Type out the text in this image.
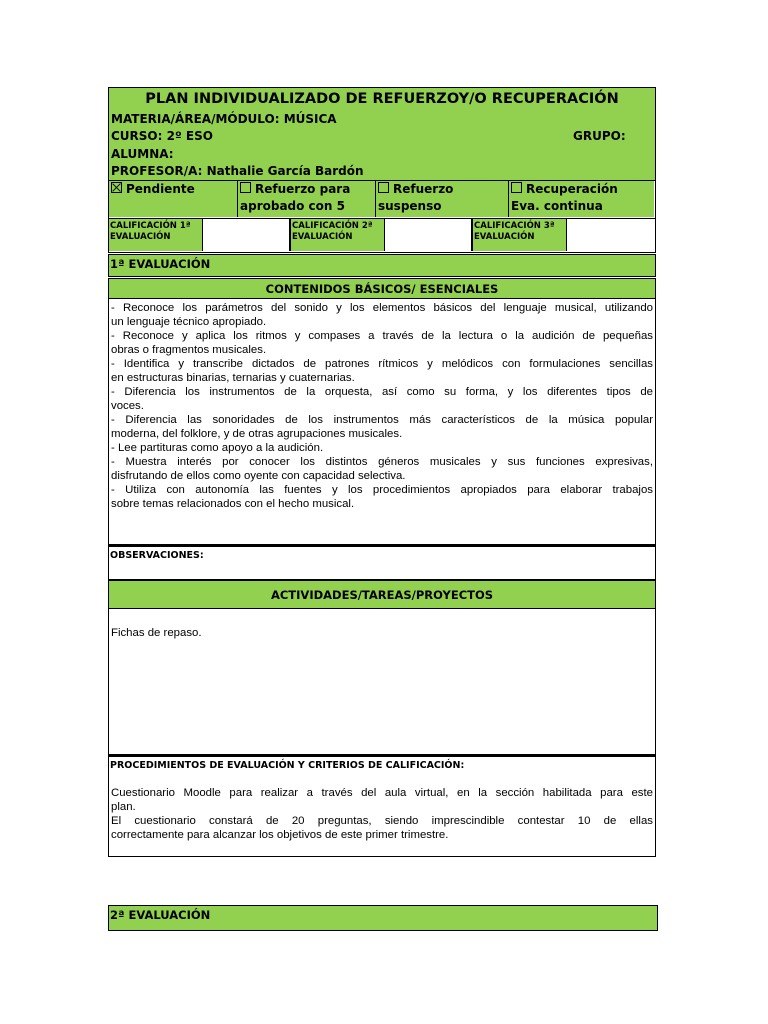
PLAN INDIVIDUALIZADO DE REFUERZOY/O RECUPERACIÓN
MATERIA/ÁREA/MÓDULO: MÚSICA
CURSO: 2º ESO	GRUPO:
ALUMNA:
PROFESOR/A: Nathalie García Bardón
Pendiente	Refuerzo para
aprobado con 5
Refuerzo
suspenso
Recuperación
Eva. continua
CALIFICACIÓN 1ª
EVALUACIÓN
CALIFICACIÓN 2ª
EVALUACIÓN
CALIFICACIÓN 3ª
EVALUACIÓN
1ª EVALUACIÓN
CONTENIDOS BÁSICOS/ ESENCIALES
- Reconoce los parámetros del sonido y los elementos básicos del lenguaje musical, utilizando
un lenguaje técnico apropiado.
- Reconoce y aplica los ritmos y compases a través de la lectura o la audición de pequeñas
obras o fragmentos musicales.
- Identifica y transcribe dictados de patrones rítmicos y melódicos con formulaciones sencillas
en estructuras binarias, ternarias y cuaternarias.
- Diferencia los instrumentos de la orquesta, así como su forma, y los diferentes tipos de
voces.
- Diferencia las sonoridades de los instrumentos más característicos de la música popular
moderna, del folklore, y de otras agrupaciones musicales.
- Lee partituras como apoyo a la audición.
- Muestra interés por conocer los distintos géneros musicales y sus funciones expresivas,
disfrutando de ellos como oyente con capacidad selectiva.
- Utiliza con autonomía las fuentes y los procedimientos apropiados para elaborar trabajos
sobre temas relacionados con el hecho musical.
OBSERVACIONES:
ACTIVIDADES/TAREAS/PROYECTOS
Fichas de repaso.
PROCEDIMIENTOS DE EVALUACIÓN Y CRITERIOS DE CALIFICACIÓN:
Cuestionario Moodle para realizar a través del aula virtual, en la sección habilitada para este
plan.
El cuestionario constará de 20 preguntas, siendo imprescindible contestar 10 de ellas
correctamente para alcanzar los objetivos de este primer trimestre.
2ª EVALUACIÓN
